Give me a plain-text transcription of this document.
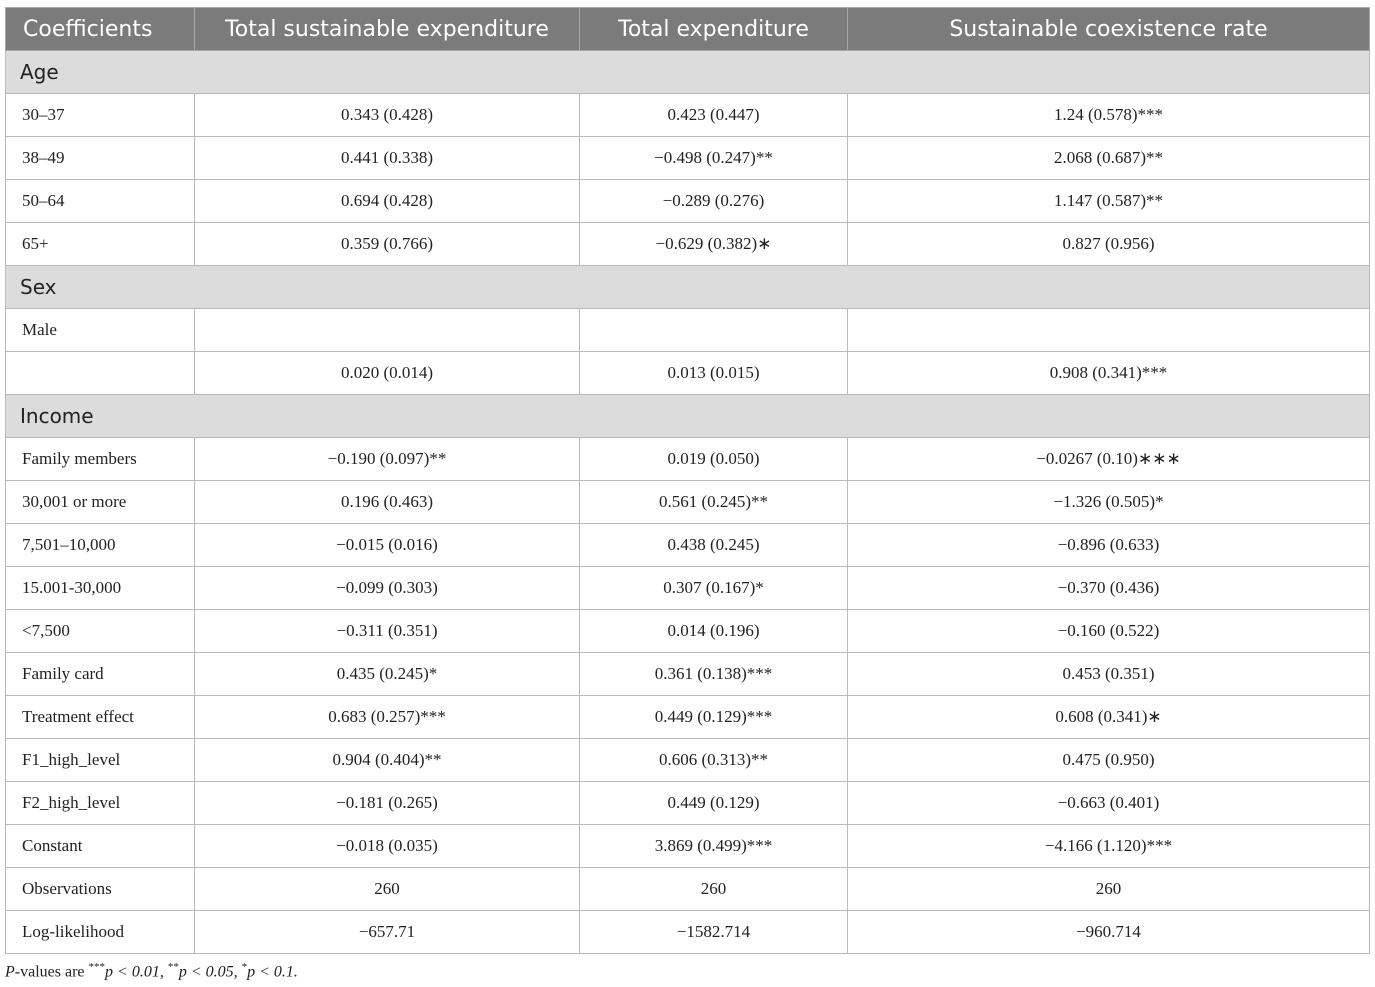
Coefficients	Total sustainable expenditure	Total expenditure	Sustainable coexistence rate
Age			
30–37	0.343 (0.428)	0.423 (0.447)	1.24 (0.578)***
38–49	0.441 (0.338)	−0.498 (0.247)**	2.068 (0.687)**
50–64	0.694 (0.428)	−0.289 (0.276)	1.147 (0.587)**
65+	0.359 (0.766)	−0.629 (0.382)∗	0.827 (0.956)
Sex			
Male			
	0.020 (0.014)	0.013 (0.015)	0.908 (0.341)***
Income			
Family members	−0.190 (0.097)**	0.019 (0.050)	−0.0267 (0.10)∗∗∗
30,001 or more	0.196 (0.463)	0.561 (0.245)**	−1.326 (0.505)*
7,501–10,000	−0.015 (0.016)	0.438 (0.245)	−0.896 (0.633)
15.001-30,000	−0.099 (0.303)	0.307 (0.167)*	−0.370 (0.436)
<7,500	−0.311 (0.351)	0.014 (0.196)	−0.160 (0.522)
Family card	0.435 (0.245)*	0.361 (0.138)***	0.453 (0.351)
Treatment effect	0.683 (0.257)***	0.449 (0.129)***	0.608 (0.341)∗
F1_high_level	0.904 (0.404)**	0.606 (0.313)**	0.475 (0.950)
F2_high_level	−0.181 (0.265)	0.449 (0.129)	−0.663 (0.401)
Constant	−0.018 (0.035)	3.869 (0.499)***	−4.166 (1.120)***
Observations	260	260	260
Log-likelihood	−657.71	−1582.714	−960.714
P-values are ***p < 0.01, **p < 0.05, *p < 0.1.
